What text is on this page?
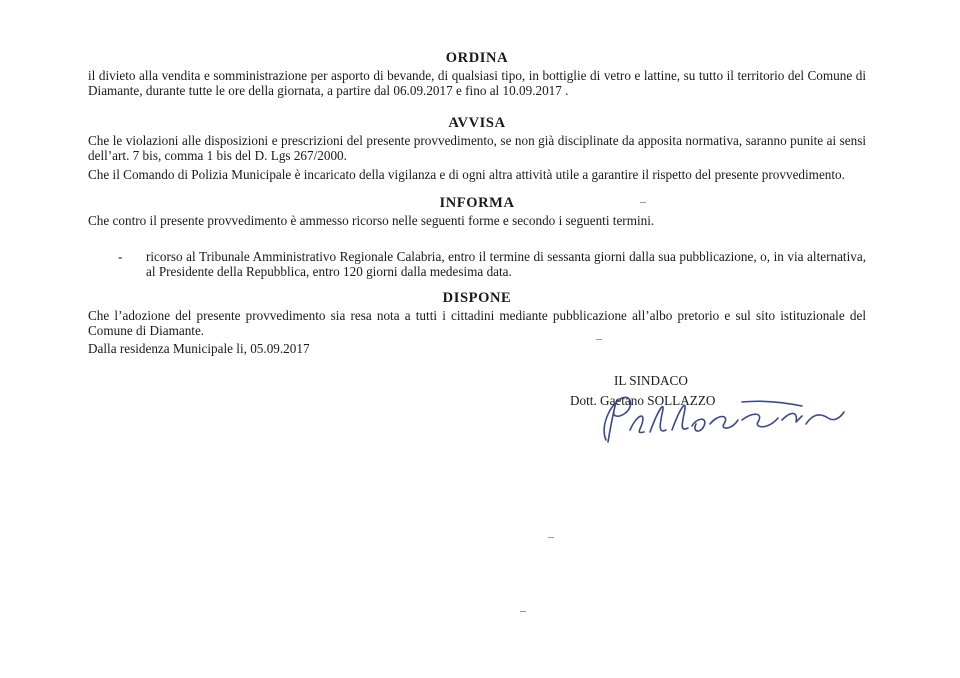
ORDINA
il divieto alla vendita e somministrazione per asporto di bevande, di qualsiasi tipo, in bottiglie di vetro e lattine, su tutto il territorio del Comune di Diamante, durante tutte le ore della giornata, a partire dal 06.09.2017 e fino al 10.09.2017 .
AVVISA
Che le violazioni alle disposizioni e prescrizioni del presente provvedimento, se non già disciplinate da apposita normativa, saranno punite ai sensi dell’art. 7 bis, comma 1 bis del D. Lgs 267/2000.
Che il Comando di Polizia Municipale è incaricato della vigilanza e di ogni altra attività utile a garantire il rispetto del presente provvedimento.
INFORMA
Che contro il presente provvedimento è ammesso ricorso nelle seguenti forme e secondo i seguenti termini.
- ricorso al Tribunale Amministrativo Regionale Calabria, entro il termine di sessanta giorni dalla sua pubblicazione, o, in via alternativa, al Presidente della Repubblica, entro 120 giorni dalla medesima data.
DISPONE
Che l’adozione del presente provvedimento sia resa nota a tutti i cittadini mediante pubblicazione all’albo pretorio e sul sito istituzionale del Comune di Diamante.
Dalla residenza Municipale li, 05.09.2017
IL SINDACO
Dott. Gaetano SOLLAZZO
